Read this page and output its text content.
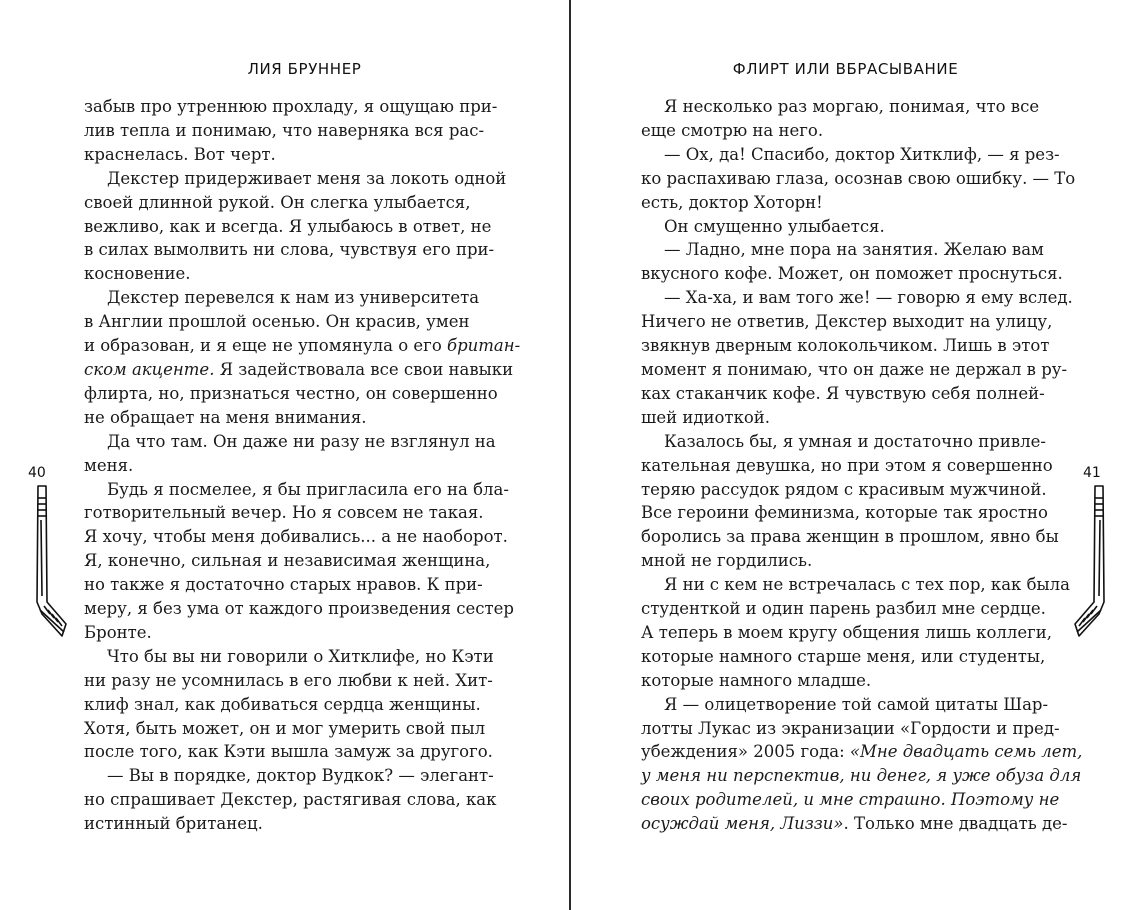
ЛИЯ БРУННЕР
забыв про утреннюю прохладу, я ощущаю при-
лив тепла и понимаю, что наверняка вся рас-
краснелась. Вот черт.
Декстер придерживает меня за локоть одной
своей длинной рукой. Он слегка улыбается,
вежливо, как и всегда. Я улыбаюсь в ответ, не
в силах вымолвить ни слова, чувствуя его при-
косновение.
Декстер перевелся к нам из университета
в Англии прошлой осенью. Он красив, умен
и образован, и я еще не упомянула о его британ-
ском акценте. Я задействовала все свои навыки
флирта, но, признаться честно, он совершенно
не обращает на меня внимания.
Да что там. Он даже ни разу не взглянул на
меня.
Будь я посмелее, я бы пригласила его на бла-
готворительный вечер. Но я совсем не такая.
Я хочу, чтобы меня добивались... а не наоборот.
Я, конечно, сильная и независимая женщина,
но также я достаточно старых нравов. К при-
меру, я без ума от каждого произведения сестер
Бронте.
Что бы вы ни говорили о Хитклифе, но Кэти
ни разу не усомнилась в его любви к ней. Хит-
клиф знал, как добиваться сердца женщины.
Хотя, быть может, он и мог умерить свой пыл
после того, как Кэти вышла замуж за другого.
— Вы в порядке, доктор Вудкок? — элегант-
но спрашивает Декстер, растягивая слова, как
истинный британец.
40
ФЛИРТ ИЛИ ВБРАСЫВАНИЕ
Я несколько раз моргаю, понимая, что все
еще смотрю на него.
— Ох, да! Спасибо, доктор Хитклиф, — я рез-
ко распахиваю глаза, осознав свою ошибку. — То
есть, доктор Хоторн!
Он смущенно улыбается.
— Ладно, мне пора на занятия. Желаю вам
вкусного кофе. Может, он поможет проснуться.
— Ха-ха, и вам того же! — говорю я ему вслед.
Ничего не ответив, Декстер выходит на улицу,
звякнув дверным колокольчиком. Лишь в этот
момент я понимаю, что он даже не держал в ру-
ках стаканчик кофе. Я чувствую себя полней-
шей идиоткой.
Казалось бы, я умная и достаточно привле-
кательная девушка, но при этом я совершенно
теряю рассудок рядом с красивым мужчиной.
Все героини феминизма, которые так яростно
боролись за права женщин в прошлом, явно бы
мной не гордились.
Я ни с кем не встречалась с тех пор, как была
студенткой и один парень разбил мне сердце.
А теперь в моем кругу общения лишь коллеги,
которые намного старше меня, или студенты,
которые намного младше.
Я — олицетворение той самой цитаты Шар-
лотты Лукас из экранизации «Гордости и пред-
убеждения» 2005 года: «Мне двадцать семь лет,
у меня ни перспектив, ни денег, я уже обуза для
своих родителей, и мне страшно. Поэтому не
осуждай меня, Лиззи». Только мне двадцать де-
41
